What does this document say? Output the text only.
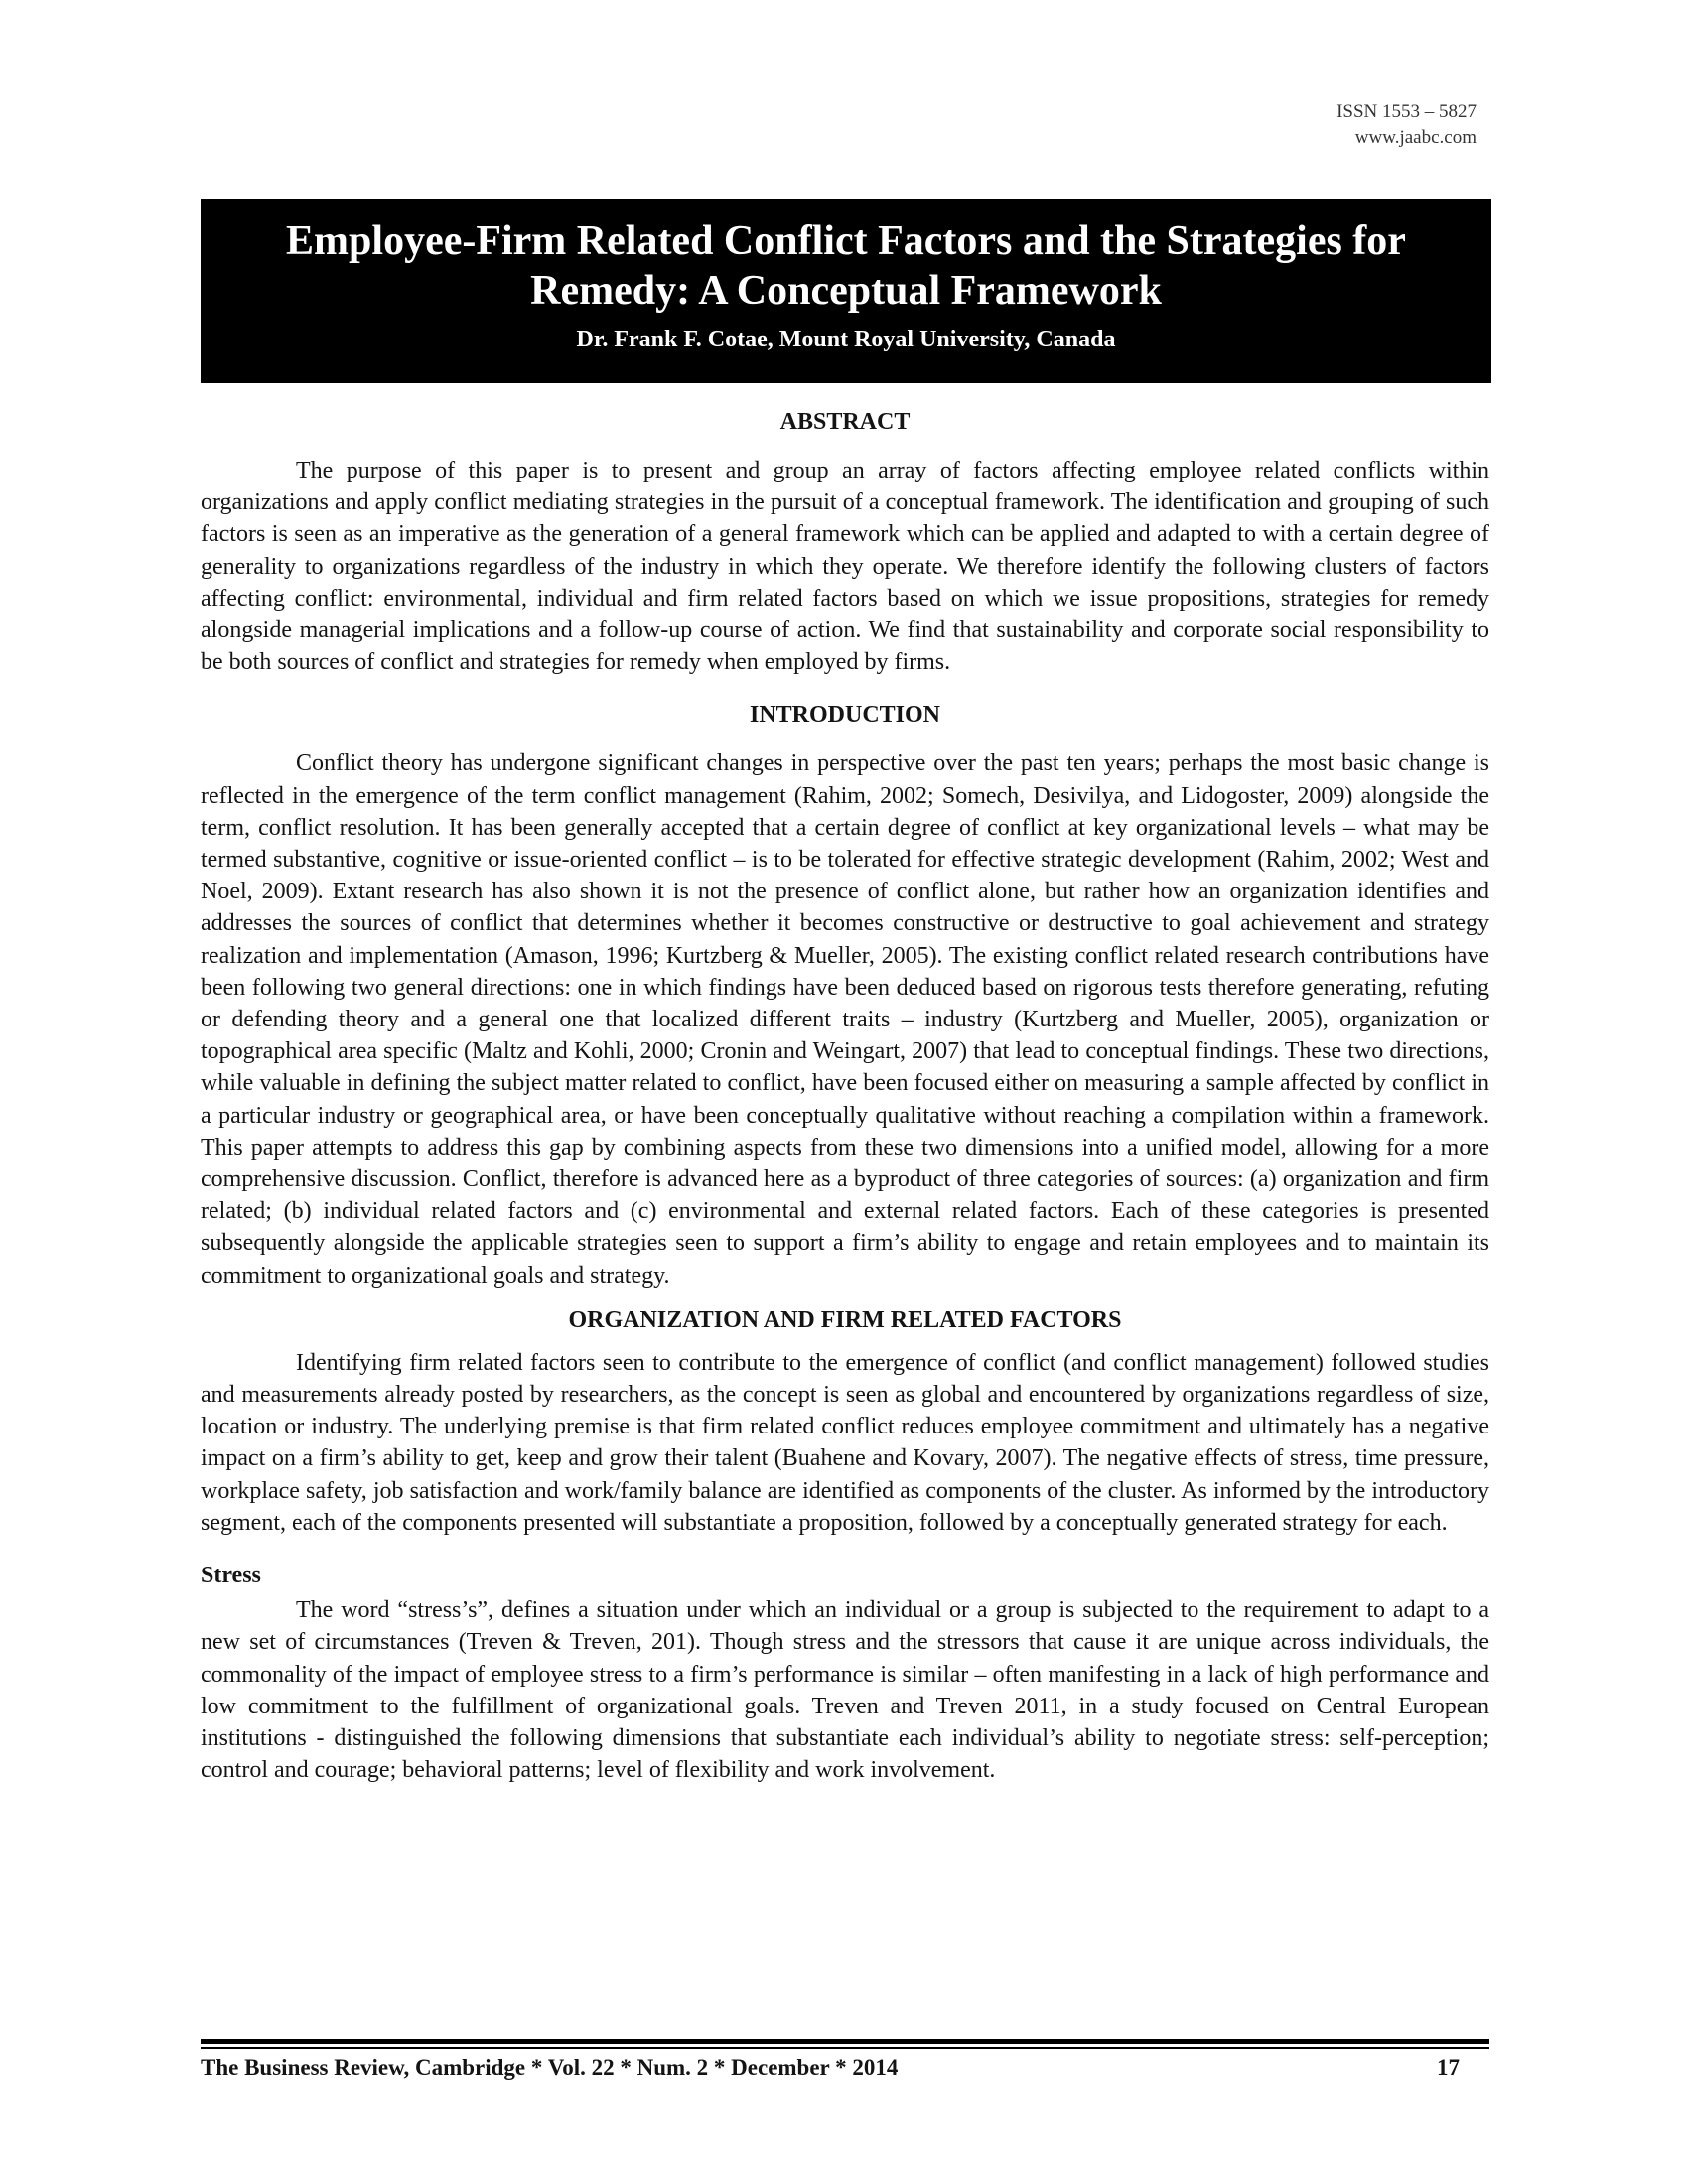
ISSN 1553 – 5827
www.jaabc.com
Employee-Firm Related Conflict Factors and the Strategies for Remedy: A Conceptual Framework
Dr. Frank F. Cotae, Mount Royal University, Canada
ABSTRACT

The purpose of this paper is to present and group an array of factors affecting employee related conflicts within organizations and apply conflict mediating strategies in the pursuit of a conceptual framework. The identification and grouping of such factors is seen as an imperative as the generation of a general framework which can be applied and adapted to with a certain degree of generality to organizations regardless of the industry in which they operate. We therefore identify the following clusters of factors affecting conflict: environmental, individual and firm related factors based on which we issue propositions, strategies for remedy alongside managerial implications and a follow-up course of action. We find that sustainability and corporate social responsibility to be both sources of conflict and strategies for remedy when employed by firms.

INTRODUCTION

Conflict theory has undergone significant changes in perspective over the past ten years; perhaps the most basic change is reflected in the emergence of the term conflict management (Rahim, 2002; Somech, Desivilya, and Lidogoster, 2009) alongside the term, conflict resolution. It has been generally accepted that a certain degree of conflict at key organizational levels – what may be termed substantive, cognitive or issue-oriented conflict – is to be tolerated for effective strategic development (Rahim, 2002; West and Noel, 2009). Extant research has also shown it is not the presence of conflict alone, but rather how an organization identifies and addresses the sources of conflict that determines whether it becomes constructive or destructive to goal achievement and strategy realization and implementation (Amason, 1996; Kurtzberg & Mueller, 2005). The existing conflict related research contributions have been following two general directions: one in which findings have been deduced based on rigorous tests therefore generating, refuting or defending theory and a general one that localized different traits – industry (Kurtzberg and Mueller, 2005), organization or topographical area specific (Maltz and Kohli, 2000; Cronin and Weingart, 2007) that lead to conceptual findings. These two directions, while valuable in defining the subject matter related to conflict, have been focused either on measuring a sample affected by conflict in a particular industry or geographical area, or have been conceptually qualitative without reaching a compilation within a framework. This paper attempts to address this gap by combining aspects from these two dimensions into a unified model, allowing for a more comprehensive discussion. Conflict, therefore is advanced here as a byproduct of three categories of sources: (a) organization and firm related; (b) individual related factors and (c) environmental and external related factors. Each of these categories is presented subsequently alongside the applicable strategies seen to support a firm’s ability to engage and retain employees and to maintain its commitment to organizational goals and strategy.

ORGANIZATION AND FIRM RELATED FACTORS

Identifying firm related factors seen to contribute to the emergence of conflict (and conflict management) followed studies and measurements already posted by researchers, as the concept is seen as global and encountered by organizations regardless of size, location or industry. The underlying premise is that firm related conflict reduces employee commitment and ultimately has a negative impact on a firm’s ability to get, keep and grow their talent (Buahene and Kovary, 2007). The negative effects of stress, time pressure, workplace safety, job satisfaction and work/family balance are identified as components of the cluster. As informed by the introductory segment, each of the components presented will substantiate a proposition, followed by a conceptually generated strategy for each.

Stress

The word “stress’s”, defines a situation under which an individual or a group is subjected to the requirement to adapt to a new set of circumstances (Treven & Treven, 201). Though stress and the stressors that cause it are unique across individuals, the commonality of the impact of employee stress to a firm’s performance is similar – often manifesting in a lack of high performance and low commitment to the fulfillment of organizational goals. Treven and Treven 2011, in a study focused on Central European institutions - distinguished the following dimensions that substantiate each individual’s ability to negotiate stress: self-perception; control and courage; behavioral patterns; level of flexibility and work involvement.

The Business Review, Cambridge * Vol. 22 * Num. 2 * December * 2014	17
